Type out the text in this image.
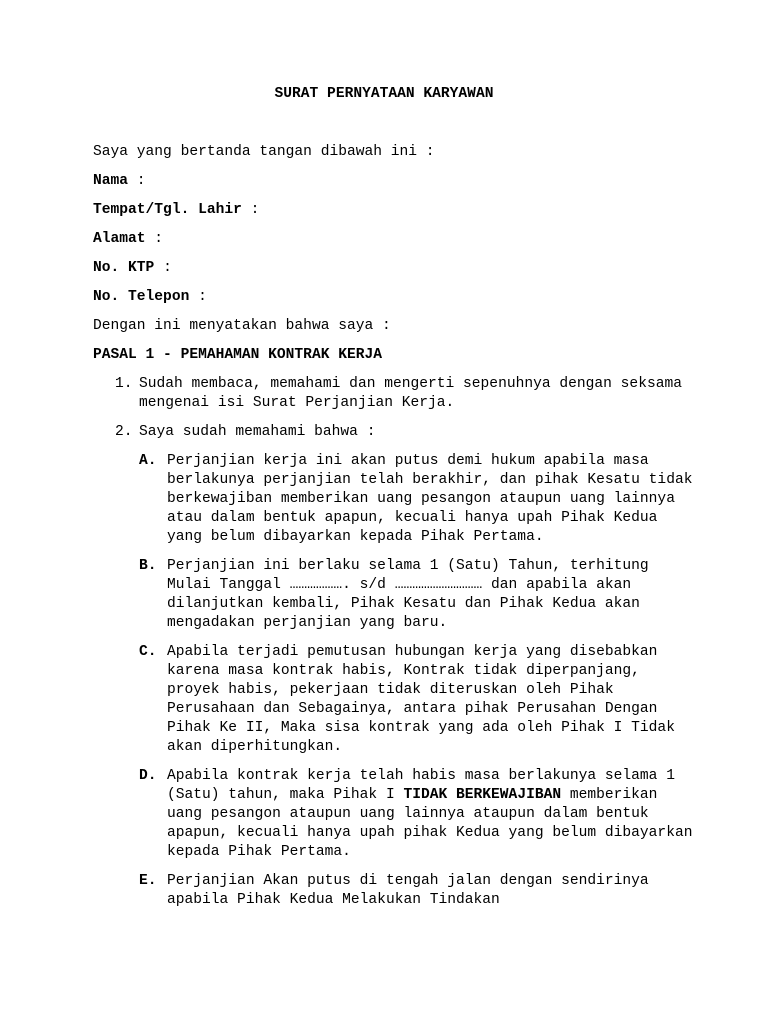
SURAT PERNYATAAN KARYAWAN

Saya yang bertanda tangan dibawah ini :

Nama :

Tempat/Tgl. Lahir :

Alamat :

No. KTP :

No. Telepon :

Dengan ini menyatakan bahwa saya :

PASAL 1 - PEMAHAMAN KONTRAK KERJA

1. Sudah membaca, memahami dan mengerti sepenuhnya dengan seksama mengenai isi Surat Perjanjian Kerja.
2. Saya sudah memahami bahwa :
A. Perjanjian kerja ini akan putus demi hukum apabila masa berlakunya perjanjian telah berakhir, dan pihak Kesatu tidak berkewajiban memberikan uang pesangon ataupun uang lainnya atau dalam bentuk apapun, kecuali hanya upah Pihak Kedua yang belum dibayarkan kepada Pihak Pertama.
B. Perjanjian ini berlaku selama 1 (Satu) Tahun, terhitung Mulai Tanggal ………………. s/d ………………………… dan apabila akan dilanjutkan kembali, Pihak Kesatu dan Pihak Kedua akan mengadakan perjanjian yang baru.
C. Apabila terjadi pemutusan hubungan kerja yang disebabkan karena masa kontrak habis, Kontrak tidak diperpanjang, proyek habis, pekerjaan tidak diteruskan oleh Pihak Perusahaan dan Sebagainya, antara pihak Perusahan Dengan Pihak Ke II, Maka sisa kontrak yang ada oleh Pihak I Tidak akan diperhitungkan.
D. Apabila kontrak kerja telah habis masa berlakunya selama 1 (Satu) tahun, maka Pihak I TIDAK BERKEWAJIBAN memberikan uang pesangon ataupun uang lainnya ataupun dalam bentuk apapun, kecuali hanya upah pihak Kedua yang belum dibayarkan kepada Pihak Pertama.
E. Perjanjian Akan putus di tengah jalan dengan sendirinya apabila Pihak Kedua Melakukan Tindakan
